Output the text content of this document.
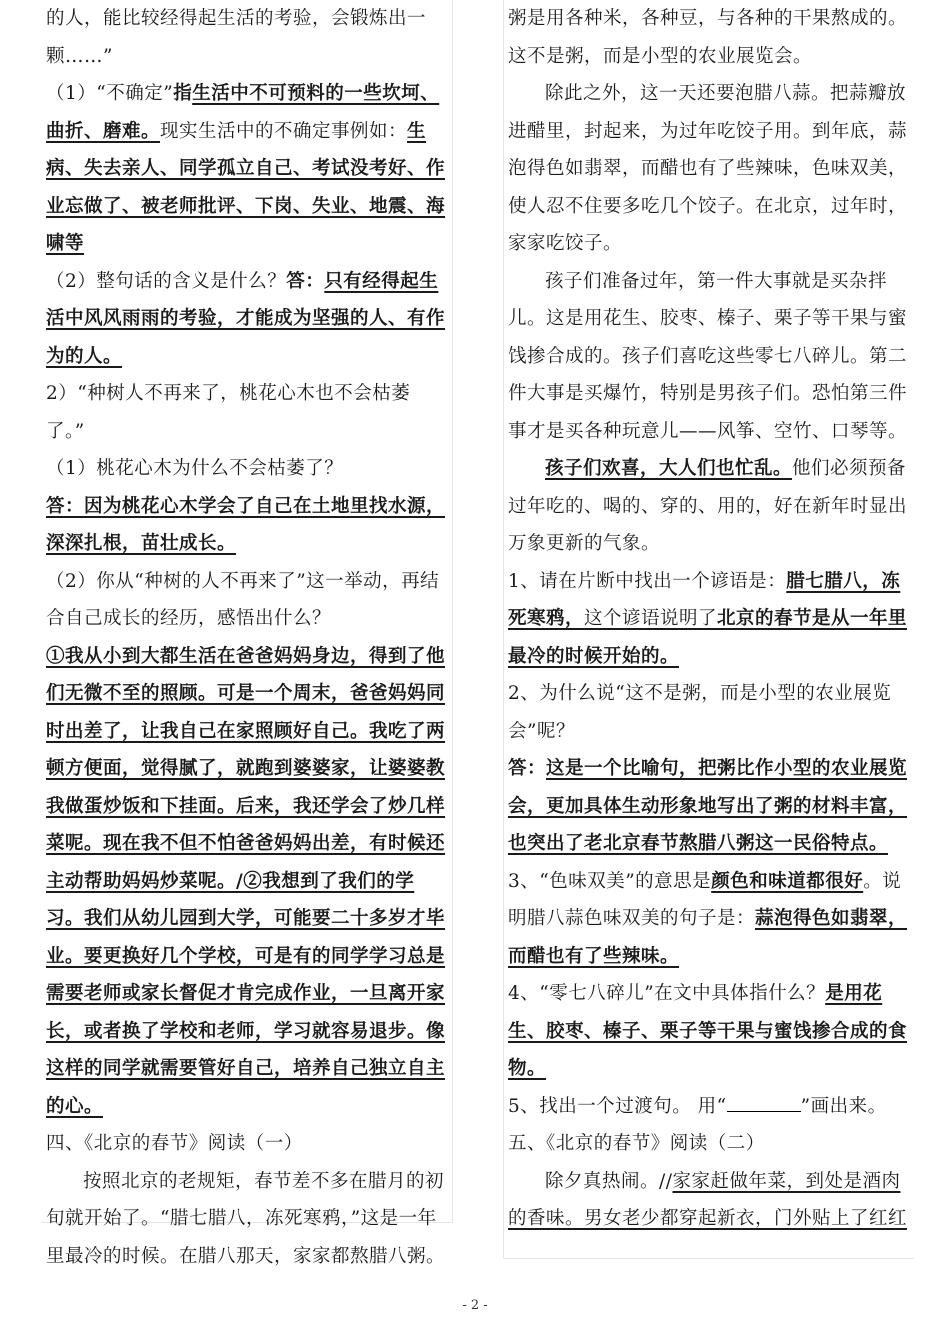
的人，能比较经得起生活的考验，会锻炼出一颗……”

（1）“不确定”指生活中不可预料的一些坎坷、曲折、磨难。现实生活中的不确定事例如：生病、失去亲人、同学孤立自己、考试没考好、作业忘做了、被老师批评、下岗、失业、地震、海啸等

（2）整句话的含义是什么？答：只有经得起生活中风风雨雨的考验，才能成为坚强的人、有作为的人。

2）“种树人不再来了，桃花心木也不会枯萎了。”

（1）桃花心木为什么不会枯萎了？

答：因为桃花心木学会了自己在土地里找水源，深深扎根，苗壮成长。

（2）你从“种树的人不再来了”这一举动，再结合自己成长的经历，感悟出什么？

①我从小到大都生活在爸爸妈妈身边，得到了他们无微不至的照顾。可是一个周末，爸爸妈妈同时出差了，让我自己在家照顾好自己。我吃了两顿方便面，觉得腻了，就跑到婆婆家，让婆婆教我做蛋炒饭和下挂面。后来，我还学会了炒几样菜呢。现在我不但不怕爸爸妈妈出差，有时候还主动帮助妈妈炒菜呢。/②我想到了我们的学习。我们从幼儿园到大学，可能要二十多岁才毕业。要更换好几个学校，可是有的同学学习总是需要老师或家长督促才肯完成作业，一旦离开家长，或者换了学校和老师，学习就容易退步。像这样的同学就需要管好自己，培养自己独立自主的心。

四、《北京的春节》阅读（一）

按照北京的老规矩，春节差不多在腊月的初旬就开始了。“腊七腊八，冻死寒鸦，”这是一年里最冷的时候。在腊八那天，家家都熬腊八粥。

粥是用各种米，各种豆，与各种的干果熬成的。这不是粥，而是小型的农业展览会。

除此之外，这一天还要泡腊八蒜。把蒜瓣放进醋里，封起来，为过年吃饺子用。到年底，蒜泡得色如翡翠，而醋也有了些辣味，色味双美，使人忍不住要多吃几个饺子。在北京，过年时，家家吃饺子。

孩子们准备过年，第一件大事就是买杂拌儿。这是用花生、胶枣、榛子、栗子等干果与蜜饯掺合成的。孩子们喜吃这些零七八碎儿。第二件大事是买爆竹，特别是男孩子们。恐怕第三件事才是买各种玩意儿——风筝、空竹、口琴等。

孩子们欢喜，大人们也忙乱。他们必须预备过年吃的、喝的、穿的、用的，好在新年时显出万象更新的气象。

1、请在片断中找出一个谚语是：腊七腊八，冻死寒鸦，这个谚语说明了北京的春节是从一年里最冷的时候开始的。

2、为什么说“这不是粥，而是小型的农业展览会”呢？

答：这是一个比喻句，把粥比作小型的农业展览会，更加具体生动形象地写出了粥的材料丰富，也突出了老北京春节熬腊八粥这一民俗特点。

3、“色味双美”的意思是颜色和味道都很好。说明腊八蒜色味双美的句子是：蒜泡得色如翡翠，而醋也有了些辣味。

4、“零七八碎儿”在文中具体指什么？是用花生、胶枣、榛子、栗子等干果与蜜饯掺合成的食物。

5、找出一个过渡句。 用“	”画出来。

五、《北京的春节》阅读（二）

除夕真热闹。//家家赶做年菜，到处是酒肉的香味。男女老少都穿起新衣，门外贴上了红红

- 2 -
